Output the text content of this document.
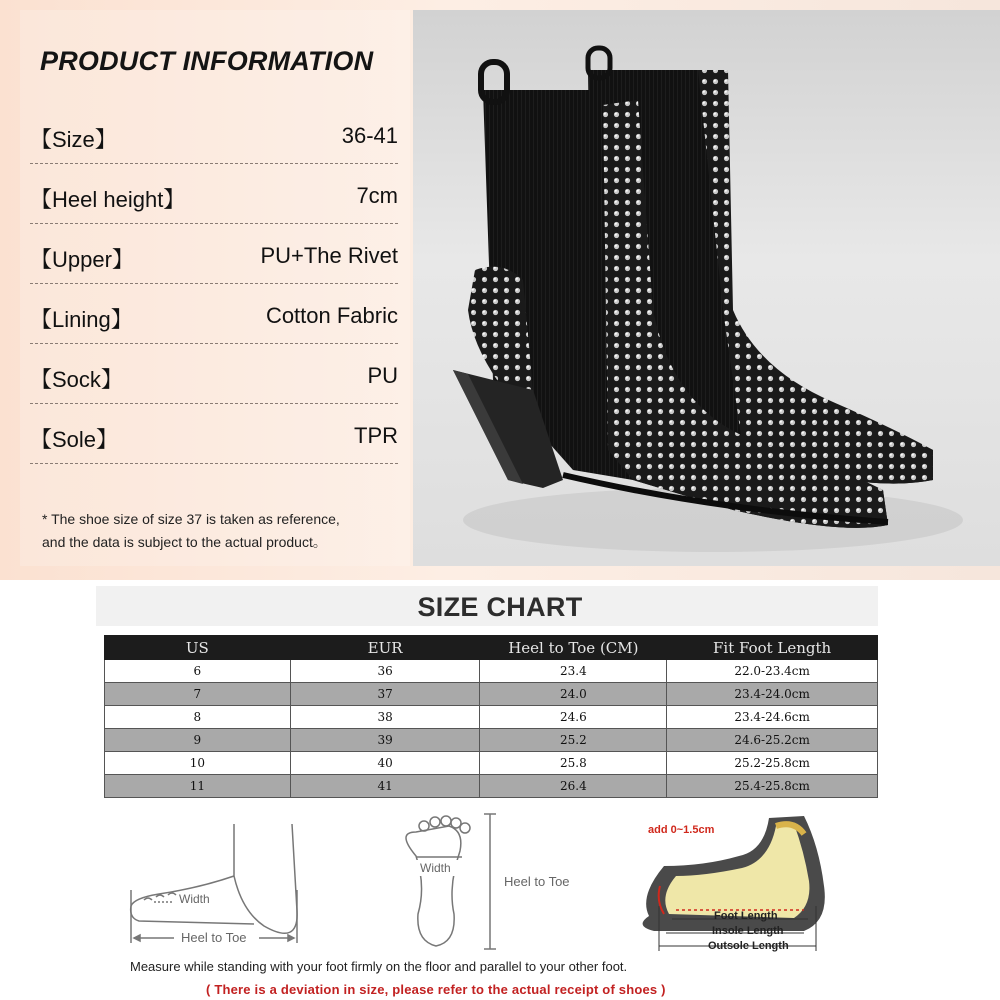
PRODUCT INFORMATION
【Size】	36-41
【Heel height】	7cm
【Upper】	PU+The Rivet
【Lining】	Cotton Fabric
【Sock】	PU
【Sole】	TPR
* The shoe size of size 37 is taken as reference,
and the data is subject to the actual product。
SIZE CHART
US	EUR	Heel to Toe (CM)	Fit Foot Length
6	36	23.4	22.0-23.4cm
7	37	24.0	23.4-24.0cm
8	38	24.6	23.4-24.6cm
9	39	25.2	24.6-25.2cm
10	40	25.8	25.2-25.8cm
11	41	26.4	25.4-25.8cm
Width
Heel to Toe
Width
Heel to Toe
add 0~1.5cm
Foot Length
Insole Length
Outsole Length
Measure while standing with your foot firmly on the floor and parallel to your other foot.
( There is a deviation in size, please refer to the actual receipt of shoes )
